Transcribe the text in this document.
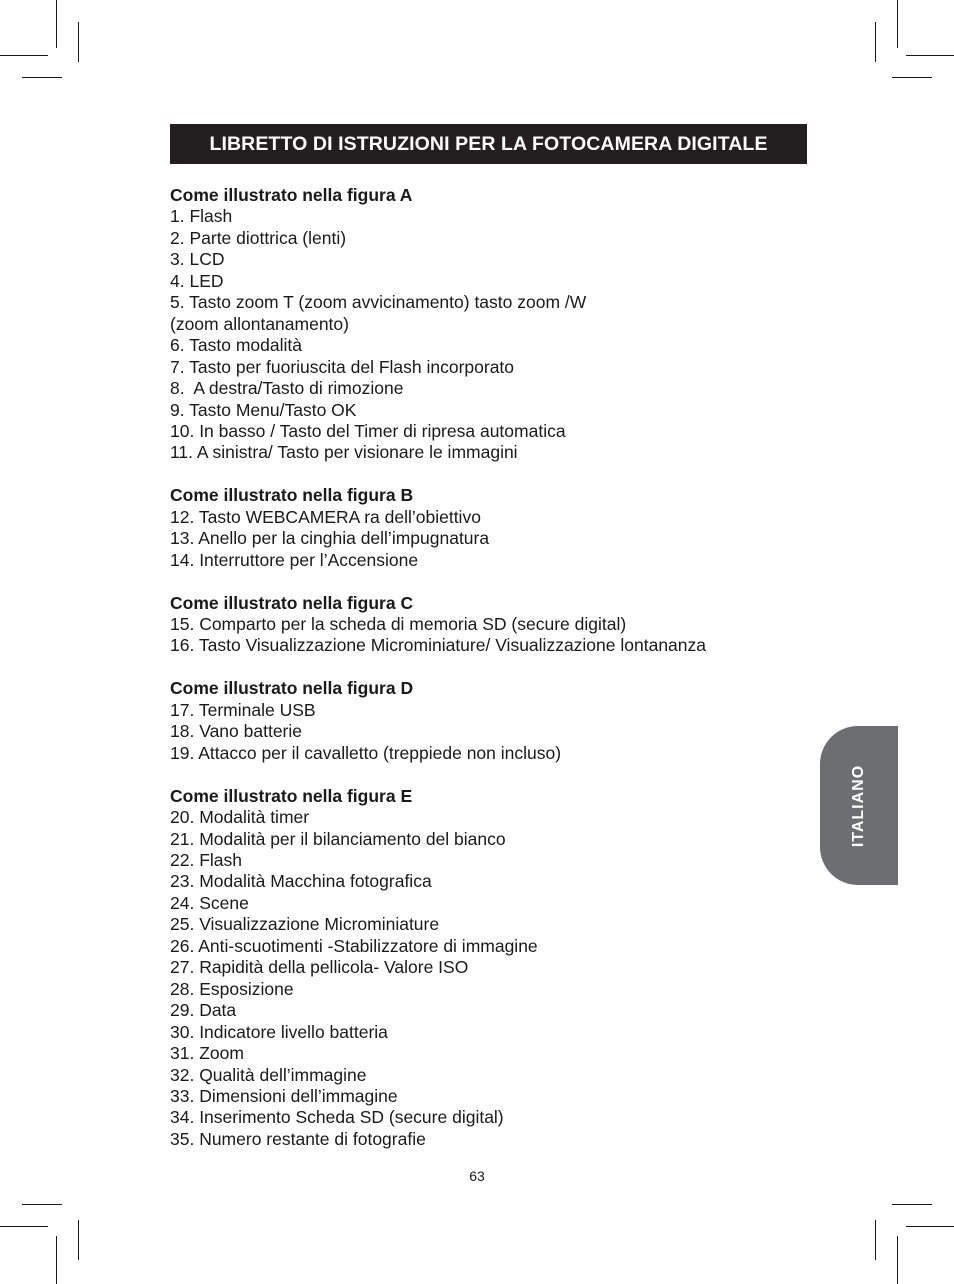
LIBRETTO DI ISTRUZIONI PER LA FOTOCAMERA DIGITALE
Come illustrato nella figura A
1. Flash
2. Parte diottrica (lenti)
3. LCD
4. LED
5. Tasto zoom T (zoom avvicinamento) tasto zoom /W
(zoom allontanamento)
6. Tasto modalità
7. Tasto per fuoriuscita del Flash incorporato
8.  A destra/Tasto di rimozione
9. Tasto Menu/Tasto OK
10. In basso / Tasto del Timer di ripresa automatica
11. A sinistra/ Tasto per visionare le immagini
Come illustrato nella figura B
12. Tasto WEBCAMERA ra dell’obiettivo
13. Anello per la cinghia dell’impugnatura
14. Interruttore per l’Accensione
Come illustrato nella figura C
15. Comparto per la scheda di memoria SD (secure digital)
16. Tasto Visualizzazione Microminiature/ Visualizzazione lontananza
Come illustrato nella figura D
17. Terminale USB
18. Vano batterie
19. Attacco per il cavalletto (treppiede non incluso)
Come illustrato nella figura E
20. Modalità timer
21. Modalità per il bilanciamento del bianco
22. Flash
23. Modalità Macchina fotografica
24. Scene
25. Visualizzazione Microminiature
26. Anti-scuotimenti -Stabilizzatore di immagine
27. Rapidità della pellicola- Valore ISO
28. Esposizione
29. Data
30. Indicatore livello batteria
31. Zoom
32. Qualità dell’immagine
33. Dimensioni dell’immagine
34. Inserimento Scheda SD (secure digital)
35. Numero restante di fotografie
ITALIANO
63
